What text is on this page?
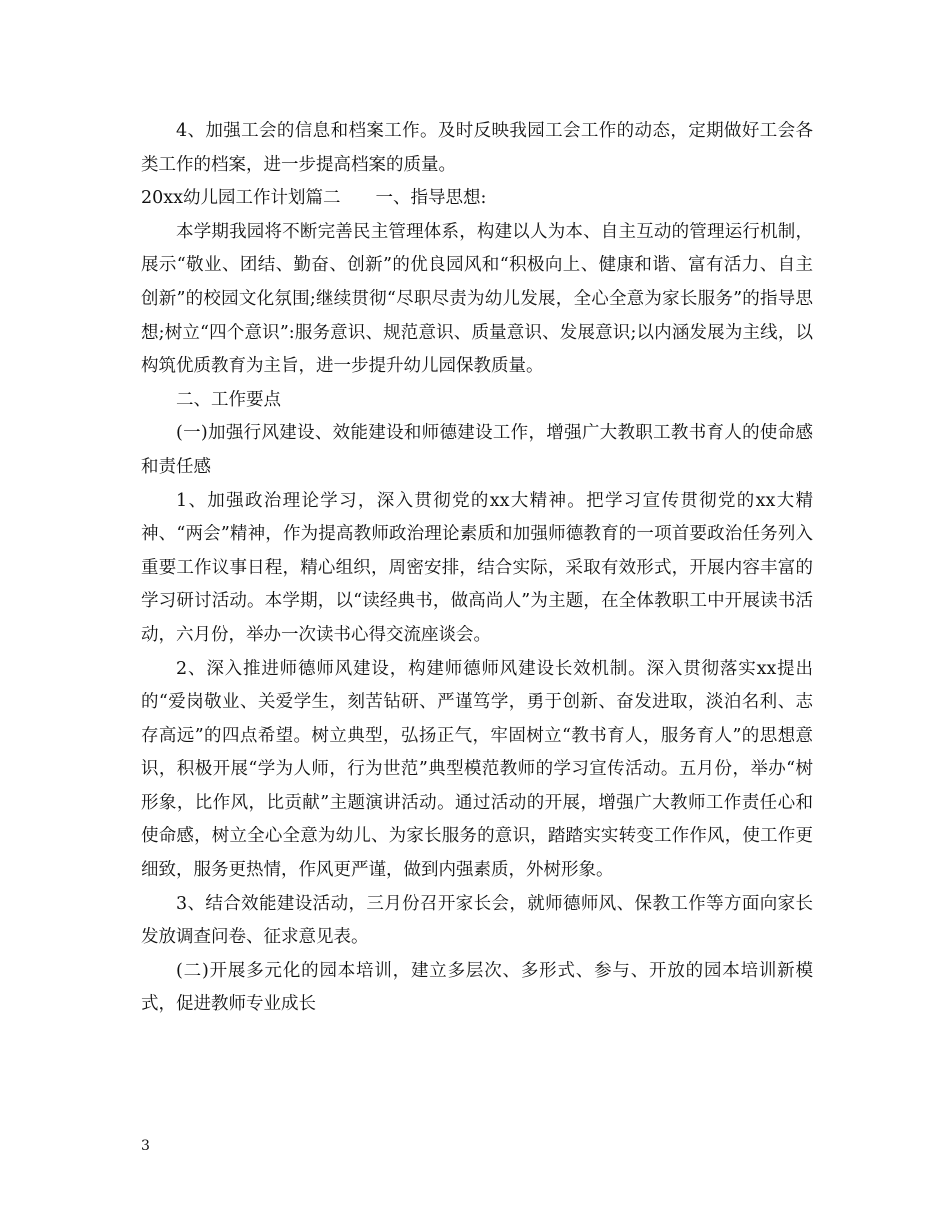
4、加强工会的信息和档案工作。及时反映我园工会工作的动态，定期做好工会各类工作的档案，进一步提高档案的质量。

20xx幼儿园工作计划篇二　　一、指导思想:

本学期我园将不断完善民主管理体系，构建以人为本、自主互动的管理运行机制，展示“敬业、团结、勤奋、创新”的优良园风和“积极向上、健康和谐、富有活力、自主创新”的校园文化氛围;继续贯彻“尽职尽责为幼儿发展，全心全意为家长服务”的指导思想;树立“四个意识”:服务意识、规范意识、质量意识、发展意识;以内涵发展为主线，以构筑优质教育为主旨，进一步提升幼儿园保教质量。

二、工作要点

(一)加强行风建设、效能建设和师德建设工作，增强广大教职工教书育人的使命感和责任感

1、加强政治理论学习，深入贯彻党的xx大精神。把学习宣传贯彻党的xx大精神、“两会”精神，作为提高教师政治理论素质和加强师德教育的一项首要政治任务列入重要工作议事日程，精心组织，周密安排，结合实际，采取有效形式，开展内容丰富的学习研讨活动。本学期，以“读经典书，做高尚人”为主题，在全体教职工中开展读书活动，六月份，举办一次读书心得交流座谈会。

2、深入推进师德师风建设，构建师德师风建设长效机制。深入贯彻落实xx提出的“爱岗敬业、关爱学生，刻苦钻研、严谨笃学，勇于创新、奋发进取，淡泊名利、志存高远”的四点希望。树立典型，弘扬正气，牢固树立“教书育人，服务育人”的思想意识，积极开展“学为人师，行为世范”典型模范教师的学习宣传活动。五月份，举办“树形象，比作风，比贡献”主题演讲活动。通过活动的开展，增强广大教师工作责任心和使命感，树立全心全意为幼儿、为家长服务的意识，踏踏实实转变工作作风，使工作更细致，服务更热情，作风更严谨，做到内强素质，外树形象。

3、结合效能建设活动，三月份召开家长会，就师德师风、保教工作等方面向家长发放调查问卷、征求意见表。

(二)开展多元化的园本培训，建立多层次、多形式、参与、开放的园本培训新模式，促进教师专业成长

3
